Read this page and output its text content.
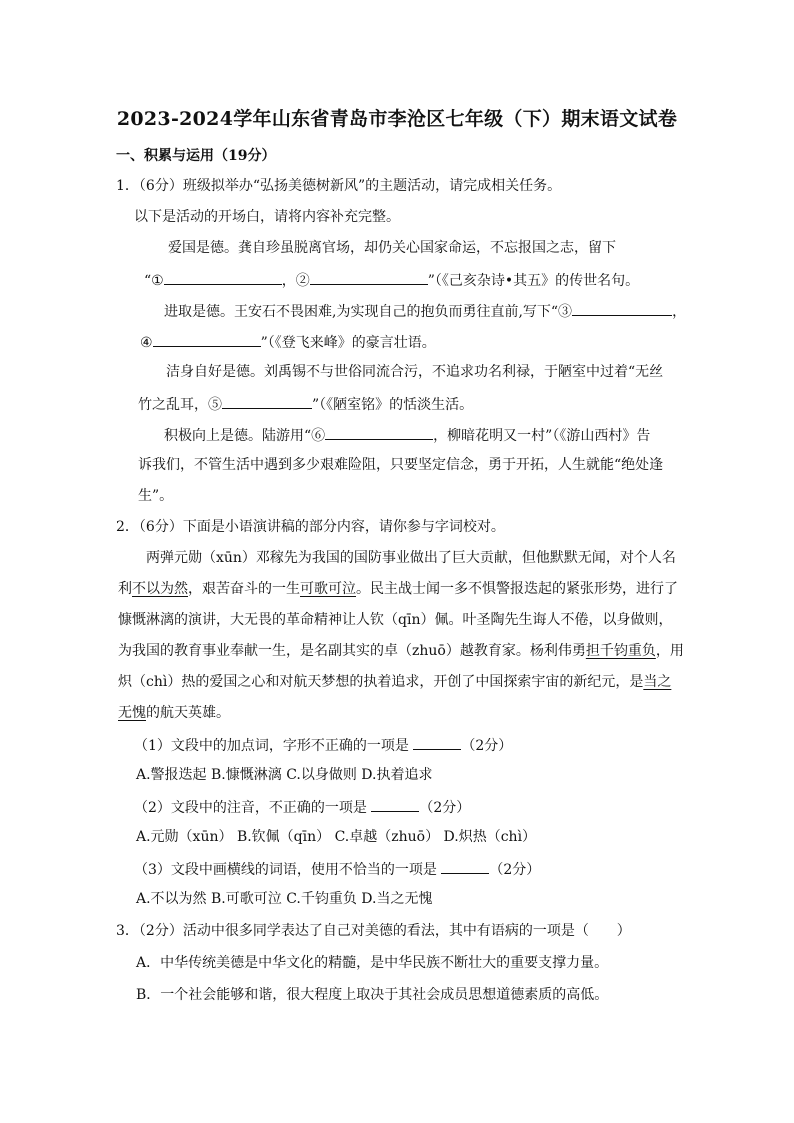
2023-2024学年山东省青岛市李沧区七年级（下）期末语文试卷
一、积累与运用（19分）
1．（6分）班级拟举办“弘扬美德树新风”的主题活动，请完成相关任务。
以下是活动的开场白，请将内容补充完整。
爱国是德。龚自珍虽脱离官场，却仍关心国家命运，不忘报国之志，留下
“①	，②	”（《己亥杂诗•其五》的传世名句。
进取是德。王安石不畏困难,为实现自己的抱负而勇往直前,写下“③	，
④	”（《登飞来峰》的豪言壮语。
洁身自好是德。刘禹锡不与世俗同流合污，不追求功名利禄，于陋室中过着“无丝
竹之乱耳，⑤	”（《陋室铭》的恬淡生活。
积极向上是德。陆游用“⑥	，柳暗花明又一村”（《游山西村》告
诉我们，不管生活中遇到多少艰难险阻，只要坚定信念，勇于开拓，人生就能“绝处逢
生”。
2．（6分）下面是小语演讲稿的部分内容，请你参与字词校对。
两弹元勋（xūn）邓稼先为我国的国防事业做出了巨大贡献，但他默默无闻，对个人名
利不以为然，艰苦奋斗的一生可歌可泣。民主战士闻一多不惧警报迭起的紧张形势，进行了
慷慨淋漓的演讲，大无畏的革命精神让人钦（qīn）佩。叶圣陶先生诲人不倦，以身做则，
为我国的教育事业奉献一生，是名副其实的卓（zhuō）越教育家。杨利伟勇担千钧重负，用
炽（chì）热的爱国之心和对航天梦想的执着追求，开创了中国探索宇宙的新纪元，是当之
无愧的航天英雄。
（1）文段中的加点词，字形不正确的一项是	（2分）
A.警报迭起 B.慷慨淋漓 C.以身做则 D.执着追求
（2）文段中的注音，不正确的一项是	（2分）
A.元勋（xūn） B.钦佩（qīn） C.卓越（zhuō） D.炽热（chì）
（3）文段中画横线的词语，使用不恰当的一项是	（2分）
A.不以为然 B.可歌可泣 C.千钧重负 D.当之无愧
3．（2分）活动中很多同学表达了自己对美德的看法，其中有语病的一项是（　　）
A．中华传统美德是中华文化的精髓，是中华民族不断壮大的重要支撑力量。
B．一个社会能够和谐，很大程度上取决于其社会成员思想道德素质的高低。
